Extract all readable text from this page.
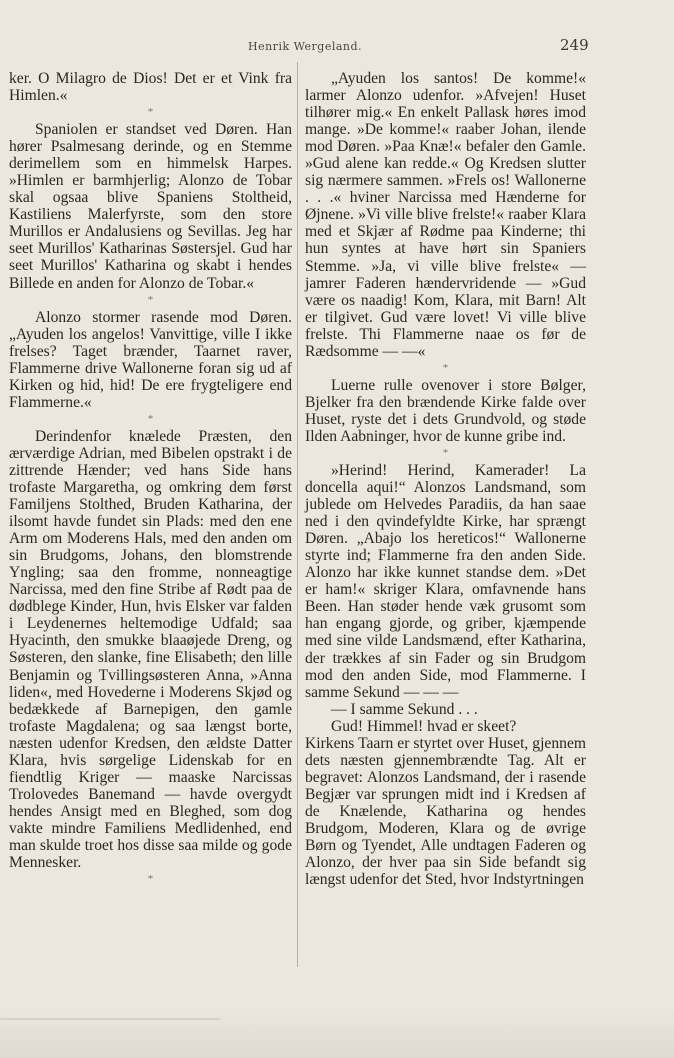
Henrik Wergeland.	249

ker. O Milagro de Dios! Det er et Vink fra Himlen.«

*

Spaniolen er standset ved Døren. Han hører Psalmesang derinde, og en Stemme derimellem som en himmelsk Harpes. »Himlen er barmhjerlig; Alonzo de Tobar skal ogsaa blive Spaniens Stoltheid, Kastiliens Malerfyrste, som den store Murillos er Andalusiens og Sevillas. Jeg har seet Murillos' Katharinas Søstersjel. Gud har seet Murillos' Katharina og skabt i hendes Billede en anden for Alonzo de Tobar.«

*

Alonzo stormer rasende mod Døren. „Ayuden los angelos! Vanvittige, ville I ikke frelses? Taget brænder, Taarnet raver, Flammerne drive Wallonerne foran sig ud af Kirken og hid, hid! De ere frygteligere end Flammerne.«

*

Derindenfor knælede Præsten, den ærværdige Adrian, med Bibelen opstrakt i de zittrende Hænder; ved hans Side hans trofaste Margaretha, og omkring dem først Familjens Stolthed, Bruden Katharina, der ilsomt havde fundet sin Plads: med den ene Arm om Moderens Hals, med den anden om sin Brudgoms, Johans, den blomstrende Yngling; saa den fromme, nonneagtige Narcissa, med den fine Stribe af Rødt paa de dødblege Kinder, Hun, hvis Elsker var falden i Leydenernes heltemodige Udfald; saa Hyacinth, den smukke blaaøjede Dreng, og Søsteren, den slanke, fine Elisabeth; den lille Benjamin og Tvillingsøsteren Anna, »Anna liden«, med Hovederne i Moderens Skjød og bedækkede af Barnepigen, den gamle trofaste Magdalena; og saa længst borte, næsten udenfor Kredsen, den ældste Datter Klara, hvis sørgelige Lidenskab for en fiendtlig Kriger — maaske Narcissas Trolovedes Banemand — havde overgydt hendes Ansigt med en Bleghed, som dog vakte mindre Familiens Medlidenhed, end man skulde troet hos disse saa milde og gode Mennesker.

*

„Ayuden los santos! De komme!« larmer Alonzo udenfor. »Afvejen! Huset tilhører mig.« En enkelt Pallask høres imod mange. »De komme!« raaber Johan, ilende mod Døren. »Paa Knæ!« befaler den Gamle. »Gud alene kan redde.« Og Kredsen slutter sig nærmere sammen. »Frels os! Wallonerne . . .« hviner Narcissa med Hænderne for Øjnene. »Vi ville blive frelste!« raaber Klara med et Skjær af Rødme paa Kinderne; thi hun syntes at have hørt sin Spaniers Stemme. »Ja, vi ville blive frelste« — jamrer Faderen hændervridende — »Gud være os naadig! Kom, Klara, mit Barn! Alt er tilgivet. Gud være lovet! Vi ville blive frelste. Thi Flammerne naae os før de Rædsomme — —«

*

Luerne rulle ovenover i store Bølger, Bjelker fra den brændende Kirke falde over Huset, ryste det i dets Grundvold, og støde Ilden Aabninger, hvor de kunne gribe ind.

*

»Herind! Herind, Kamerader! La doncella aqui!“ Alonzos Landsmand, som jublede om Helvedes Paradiis, da han saae ned i den qvindefyldte Kirke, har sprængt Døren. „Abajo los hereticos!“ Wallonerne styrte ind; Flammerne fra den anden Side. Alonzo har ikke kunnet standse dem. »Det er ham!« skriger Klara, omfavnende hans Been. Han støder hende væk grusomt som han engang gjorde, og griber, kjæmpende med sine vilde Landsmænd, efter Katharina, der trækkes af sin Fader og sin Brudgom mod den anden Side, mod Flammerne. I samme Sekund — — —

— I samme Sekund . . .

Gud! Himmel! hvad er skeet?

Kirkens Taarn er styrtet over Huset, gjennem dets næsten gjennembrændte Tag. Alt er begravet: Alonzos Landsmand, der i rasende Begjær var sprungen midt ind i Kredsen af de Knælende, Katharina og hendes Brudgom, Moderen, Klara og de øvrige Børn og Tyendet, Alle undtagen Faderen og Alonzo, der hver paa sin Side befandt sig længst udenfor det Sted, hvor Indstyrtningen
